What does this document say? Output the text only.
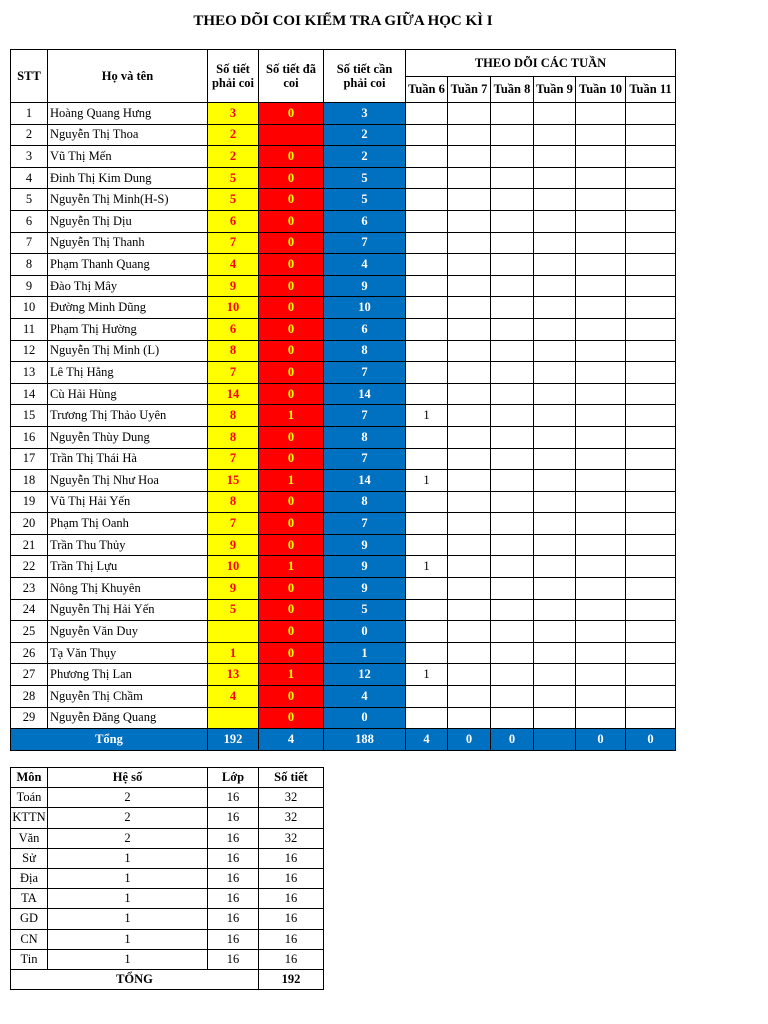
THEO DÕI COI KIỂM TRA GIỮA HỌC KÌ I
STT	Họ và tên	Số tiết phải coi	Số tiết đã coi	Số tiết cần phải coi	THEO DÕI CÁC TUẦN					
					Tuần 6	Tuần 7	Tuần 8	Tuần 9	Tuần 10	Tuần 11
1	Hoàng Quang Hưng	3	0	3						
2	Nguyễn Thị Thoa	2		2						
3	Vũ Thị Mến	2	0	2						
4	Đinh Thị Kim Dung	5	0	5						
5	Nguyễn Thị Minh(H-S)	5	0	5						
6	Nguyễn Thị Dịu	6	0	6						
7	Nguyễn Thị Thanh	7	0	7						
8	Phạm Thanh Quang	4	0	4						
9	Đào Thị Mây	9	0	9						
10	Đường Minh Dũng	10	0	10						
11	Phạm Thị Hường	6	0	6						
12	Nguyễn Thị Minh (L)	8	0	8						
13	Lê Thị Hằng	7	0	7						
14	Cù Hải Hùng	14	0	14						
15	Trương Thị Thảo Uyên	8	1	7	1					
16	Nguyễn Thùy Dung	8	0	8						
17	Trần Thị Thái Hà	7	0	7						
18	Nguyễn Thị Như Hoa	15	1	14	1					
19	Vũ Thị Hải Yến	8	0	8						
20	Phạm Thị Oanh	7	0	7						
21	Trần Thu Thủy	9	0	9						
22	Trần Thị Lựu	10	1	9	1					
23	Nông Thị Khuyên	9	0	9						
24	Nguyễn Thị Hải Yến	5	0	5						
25	Nguyễn Văn Duy		0	0						
26	Tạ Văn Thụy	1	0	1						
27	Phương Thị Lan	13	1	12	1					
28	Nguyễn Thị Chầm	4	0	4						
29	Nguyễn Đăng Quang		0	0						
Tổng		192	4	188	4	0	0		0	0
Môn	Hệ số	Lớp	Số tiết
Toán	2	16	32
KTTN	2	16	32
Văn	2	16	32
Sử	1	16	16
Địa	1	16	16
TA	1	16	16
GD	1	16	16
CN	1	16	16
Tin	1	16	16
TỔNG			192
